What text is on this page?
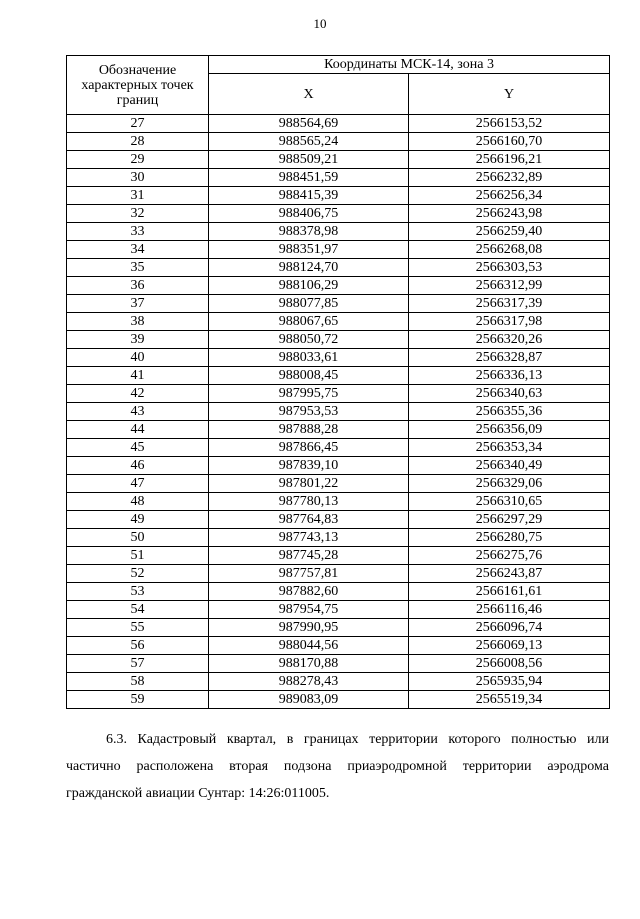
10
Обозначение характерных точек границ	Координаты МСК-14, зона 3	
	X	Y
27	988564,69	2566153,52
28	988565,24	2566160,70
29	988509,21	2566196,21
30	988451,59	2566232,89
31	988415,39	2566256,34
32	988406,75	2566243,98
33	988378,98	2566259,40
34	988351,97	2566268,08
35	988124,70	2566303,53
36	988106,29	2566312,99
37	988077,85	2566317,39
38	988067,65	2566317,98
39	988050,72	2566320,26
40	988033,61	2566328,87
41	988008,45	2566336,13
42	987995,75	2566340,63
43	987953,53	2566355,36
44	987888,28	2566356,09
45	987866,45	2566353,34
46	987839,10	2566340,49
47	987801,22	2566329,06
48	987780,13	2566310,65
49	987764,83	2566297,29
50	987743,13	2566280,75
51	987745,28	2566275,76
52	987757,81	2566243,87
53	987882,60	2566161,61
54	987954,75	2566116,46
55	987990,95	2566096,74
56	988044,56	2566069,13
57	988170,88	2566008,56
58	988278,43	2565935,94
59	989083,09	2565519,34

6.3. Кадастровый квартал, в границах территории которого полностью или частично расположена вторая подзона приаэродромной территории аэродрома гражданской авиации Сунтар: 14:26:011005.
